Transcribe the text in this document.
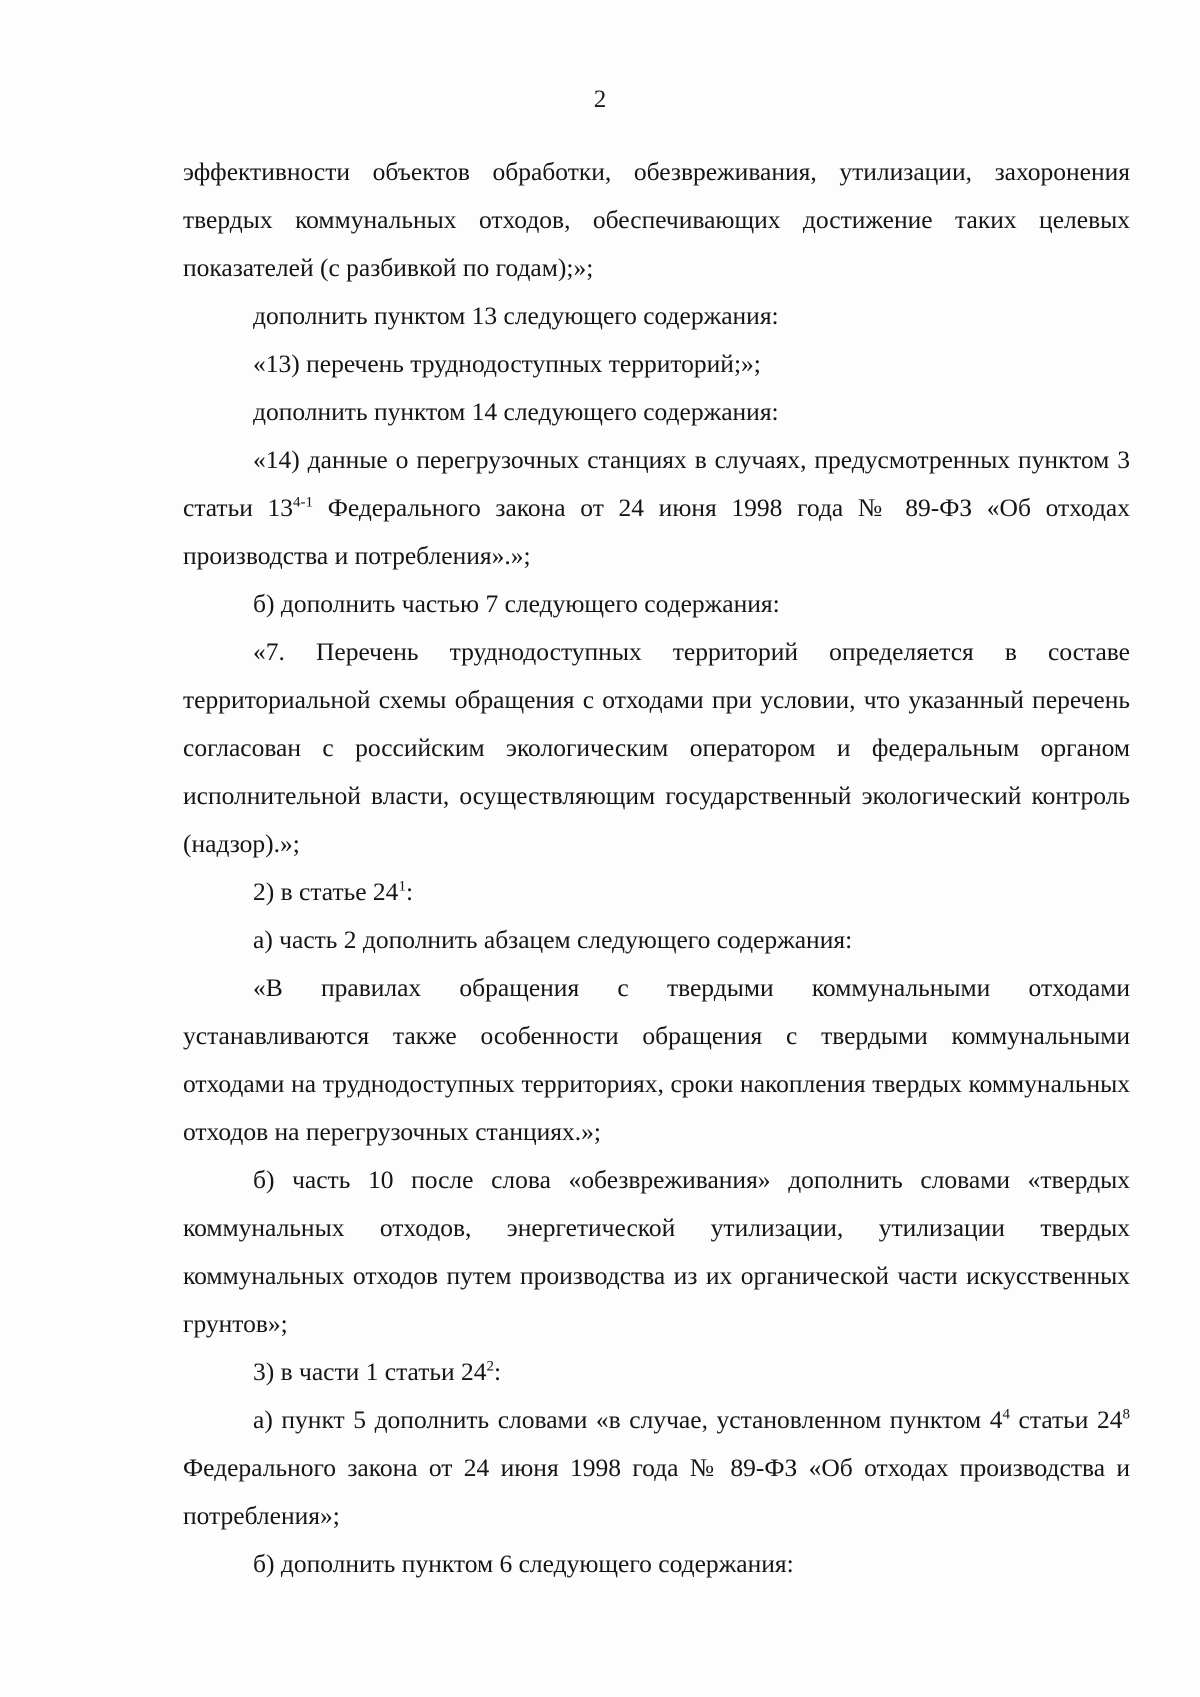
2

эффективности объектов обработки, обезвреживания, утилизации, захоронения твердых коммунальных отходов, обеспечивающих достижение таких целевых показателей (с разбивкой по годам);»;

дополнить пунктом 13 следующего содержания:

«13) перечень труднодоступных территорий;»;

дополнить пунктом 14 следующего содержания:

«14) данные о перегрузочных станциях в случаях, предусмотренных пунктом 3 статьи 13$^{4-1}$ Федерального закона от 24 июня 1998 года № 89-ФЗ «Об отходах производства и потребления».»;

б) дополнить частью 7 следующего содержания:

«7. Перечень труднодоступных территорий определяется в составе территориальной схемы обращения с отходами при условии, что указанный перечень согласован с российским экологическим оператором и федеральным органом исполнительной власти, осуществляющим государственный экологический контроль (надзор).»;

2) в статье $24^1$:

а) часть 2 дополнить абзацем следующего содержания:

«В правилах обращения с твердыми коммунальными отходами устанавливаются также особенности обращения с твердыми коммунальными отходами на труднодоступных территориях, сроки накопления твердых коммунальных отходов на перегрузочных станциях.»;

б) часть 10 после слова «обезвреживания» дополнить словами «твердых коммунальных отходов, энергетической утилизации, утилизации твердых коммунальных отходов путем производства из их органической части искусственных грунтов»;

3) в части 1 статьи $24^2$:

а) пункт 5 дополнить словами «в случае, установленном пунктом $4^4$ статьи $24^8$ Федерального закона от 24 июня 1998 года № 89-ФЗ «Об отходах производства и потребления»;

б) дополнить пунктом 6 следующего содержания:
